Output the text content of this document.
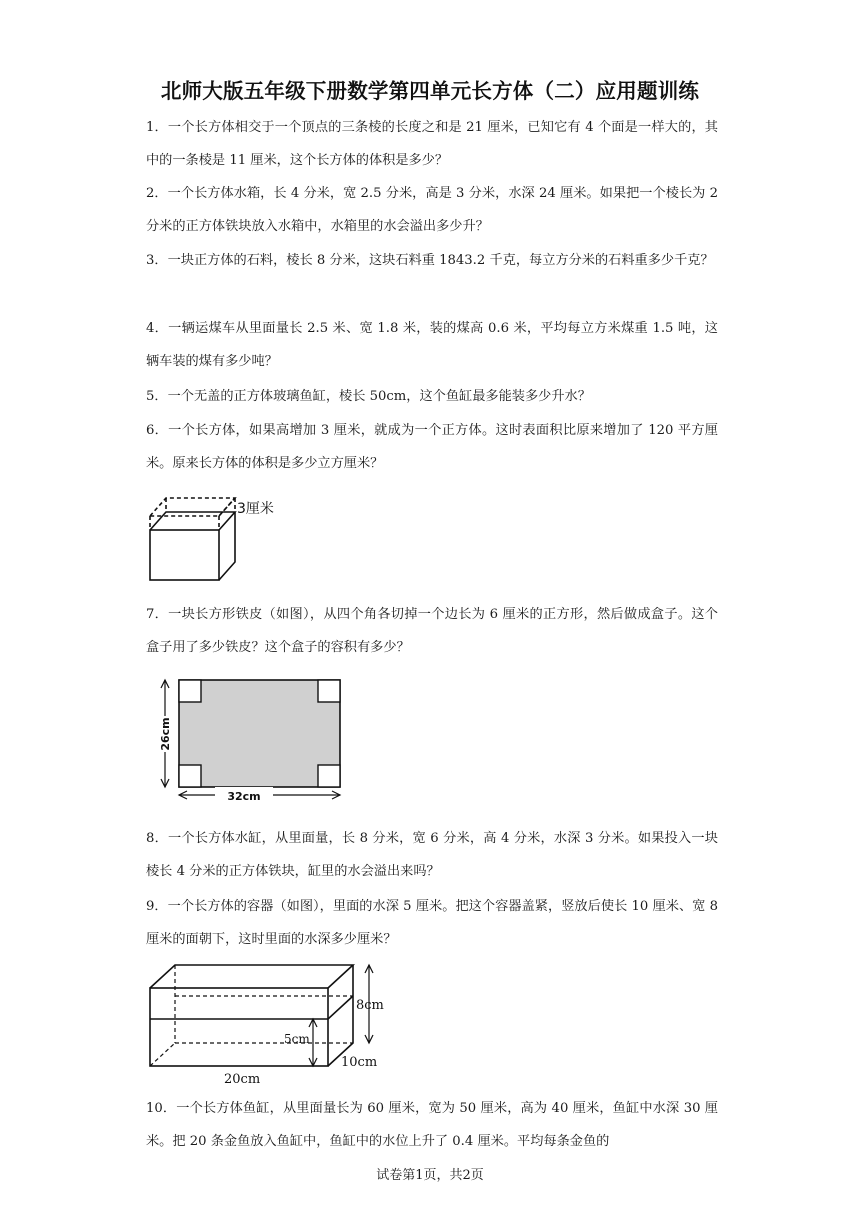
北师大版五年级下册数学第四单元长方体（二）应用题训练
1．一个长方体相交于一个顶点的三条棱的长度之和是 21 厘米，已知它有 4 个面是一样大的，其中的一条棱是 11 厘米，这个长方体的体积是多少？
2．一个长方体水箱，长 4 分米，宽 2.5 分米，高是 3 分米，水深 24 厘米。如果把一个棱长为 2 分米的正方体铁块放入水箱中，水箱里的水会溢出多少升？
3．一块正方体的石料，棱长 8 分米，这块石料重 1843.2 千克，每立方分米的石料重多少千克？
4．一辆运煤车从里面量长 2.5 米、宽 1.8 米，装的煤高 0.6 米，平均每立方米煤重 1.5 吨，这辆车装的煤有多少吨？
5．一个无盖的正方体玻璃鱼缸，棱长 50cm，这个鱼缸最多能装多少升水？
6．一个长方体，如果高增加 3 厘米，就成为一个正方体。这时表面积比原来增加了 120 平方厘米。原来长方体的体积是多少立方厘米？
3厘米
7．一块长方形铁皮（如图），从四个角各切掉一个边长为 6 厘米的正方形，然后做成盒子。这个盒子用了多少铁皮？这个盒子的容积有多少？
32cm
26cm
8．一个长方体水缸，从里面量，长 8 分米，宽 6 分米，高 4 分米，水深 3 分米。如果投入一块棱长 4 分米的正方体铁块，缸里的水会溢出来吗？
9．一个长方体的容器（如图），里面的水深 5 厘米。把这个容器盖紧，竖放后使长 10 厘米、宽 8 厘米的面朝下，这时里面的水深多少厘米？
8cm
5cm
10cm
20cm
10．一个长方体鱼缸，从里面量长为 60 厘米，宽为 50 厘米，高为 40 厘米，鱼缸中水深 30 厘米。把 20 条金鱼放入鱼缸中，鱼缸中的水位上升了 0.4 厘米。平均每条金鱼的
试卷第1页，共2页
